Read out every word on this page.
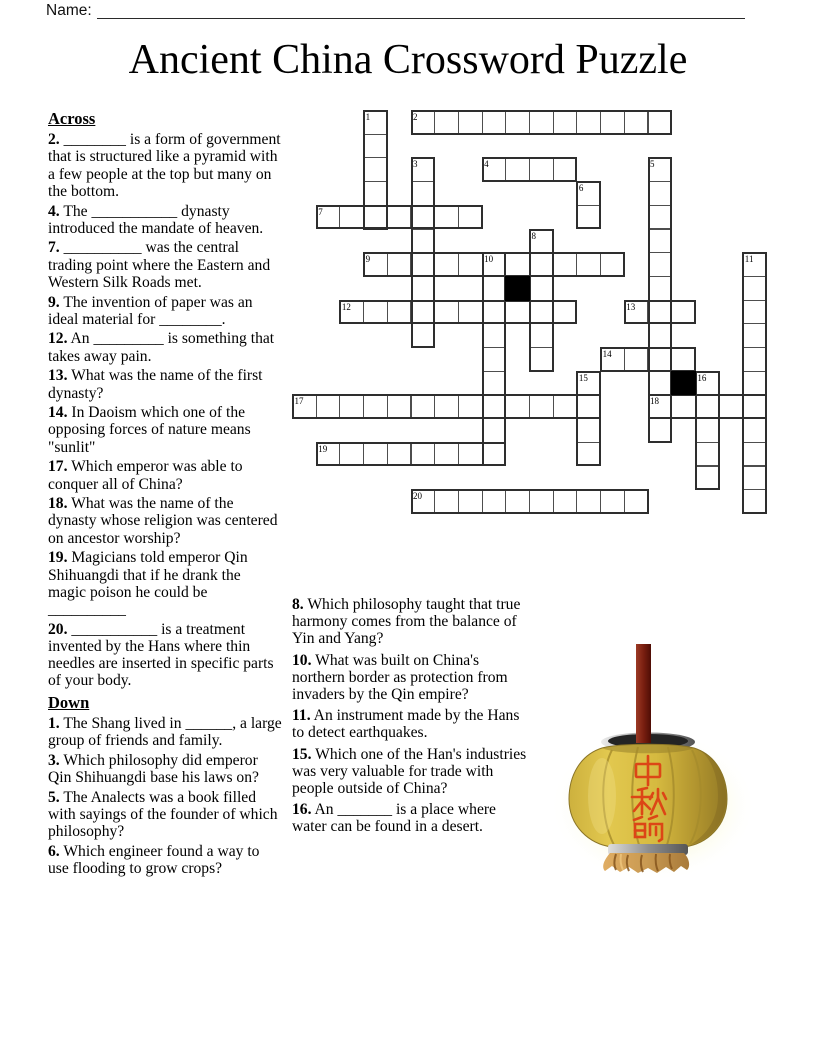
Name:
Ancient China Crossword Puzzle

Across

2. ________ is a form of government that is structured like a pyramid with a few people at the top but many on the bottom.

4. The ___________ dynasty introduced the mandate of heaven.

7. __________ was the central trading point where the Eastern and Western Silk Roads met.

9. The invention of paper was an ideal material for ________.

12. An _________ is something that takes away pain.

13. What was the name of the first dynasty?

14. In Daoism which one of the opposing forces of nature means "sunlit"

17. Which emperor was able to conquer all of China?

18. What was the name of the dynasty whose religion was centered on ancestor worship?

19. Magicians told emperor Qin Shihuangdi that if he drank the magic poison he could be __________

20. ___________ is a treatment invented by the Hans where thin needles are inserted in specific parts of your body.

Down

1. The Shang lived in ______, a large group of friends and family.

3. Which philosophy did emperor Qin Shihuangdi base his laws on?

5. The Analects was a book filled with sayings of the founder of which philosophy?

6. Which engineer found a way to use flooding to grow crops?

8. Which philosophy taught that true harmony comes from the balance of Yin and Yang?

10. What was built on China's northern border as protection from invaders by the Qin empire?

11. An instrument made by the Hans to detect earthquakes.

15. Which one of the Han's industries was very valuable for trade with people outside of China?

16. An _______ is a place where water can be found in a desert.

1	2
3	4	5
18
6
7
8
9	10	11
12	13
14
15	16
17
19
20
